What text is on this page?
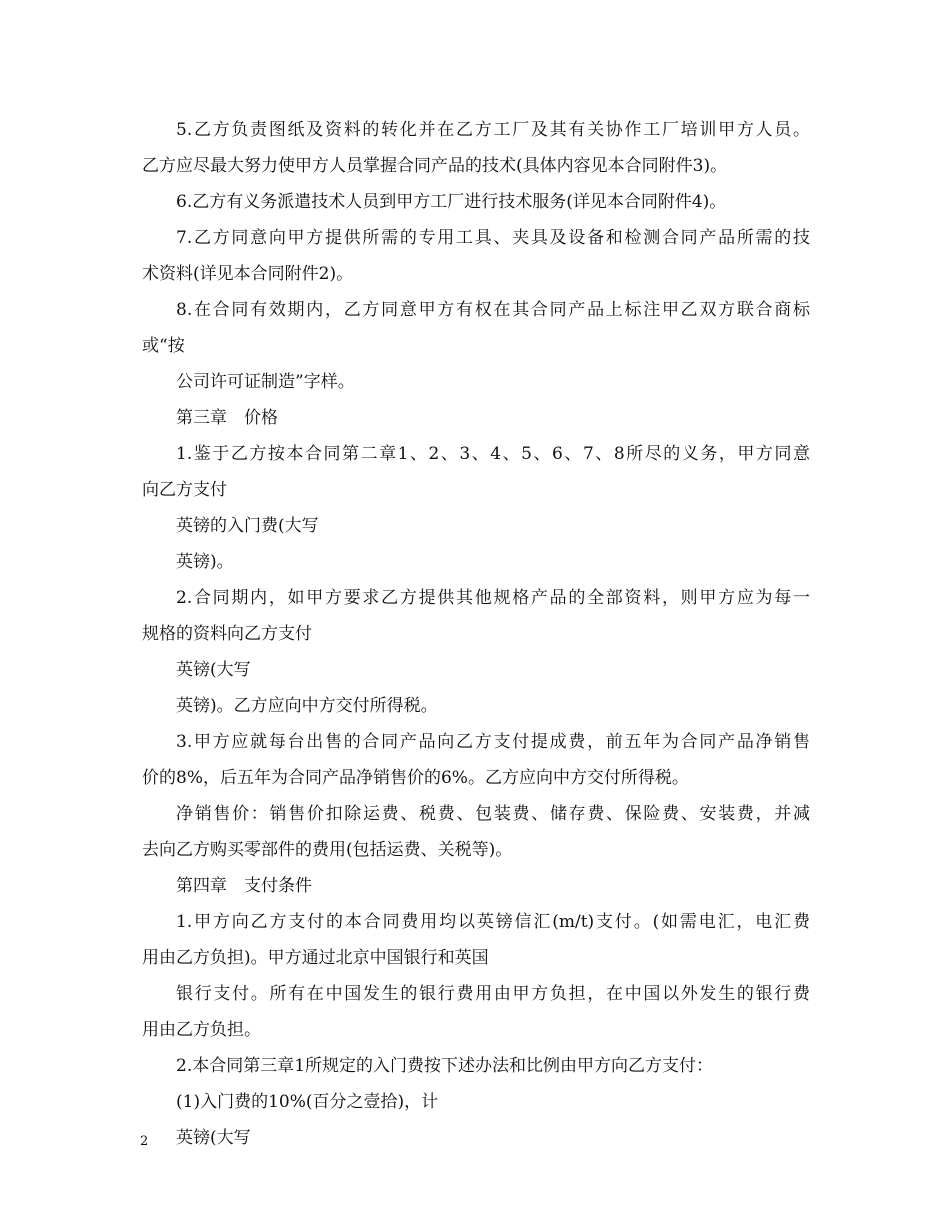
5.乙方负责图纸及资料的转化并在乙方工厂及其有关协作工厂培训甲方人员。
乙方应尽最大努力使甲方人员掌握合同产品的技术(具体内容见本合同附件3)。
6.乙方有义务派遣技术人员到甲方工厂进行技术服务(详见本合同附件4)。
7.乙方同意向甲方提供所需的专用工具、夹具及设备和检测合同产品所需的技
术资料(详见本合同附件2)。
8.在合同有效期内，乙方同意甲方有权在其合同产品上标注甲乙双方联合商标
或“按
公司许可证制造”字样。
第三章　价格
1.鉴于乙方按本合同第二章1、2、3、4、5、6、7、8所尽的义务，甲方同意
向乙方支付
英镑的入门费(大写
英镑)。
2.合同期内，如甲方要求乙方提供其他规格产品的全部资料，则甲方应为每一
规格的资料向乙方支付
英镑(大写
英镑)。乙方应向中方交付所得税。
3.甲方应就每台出售的合同产品向乙方支付提成费，前五年为合同产品净销售
价的8%，后五年为合同产品净销售价的6%。乙方应向中方交付所得税。
净销售价：销售价扣除运费、税费、包装费、储存费、保险费、安装费，并减
去向乙方购买零部件的费用(包括运费、关税等)。
第四章　支付条件
1.甲方向乙方支付的本合同费用均以英镑信汇(m/t)支付。(如需电汇，电汇费
用由乙方负担)。甲方通过北京中国银行和英国
银行支付。所有在中国发生的银行费用由甲方负担，在中国以外发生的银行费
用由乙方负担。
2.本合同第三章1所规定的入门费按下述办法和比例由甲方向乙方支付：
(1)入门费的10%(百分之壹拾)，计
英镑(大写
2
